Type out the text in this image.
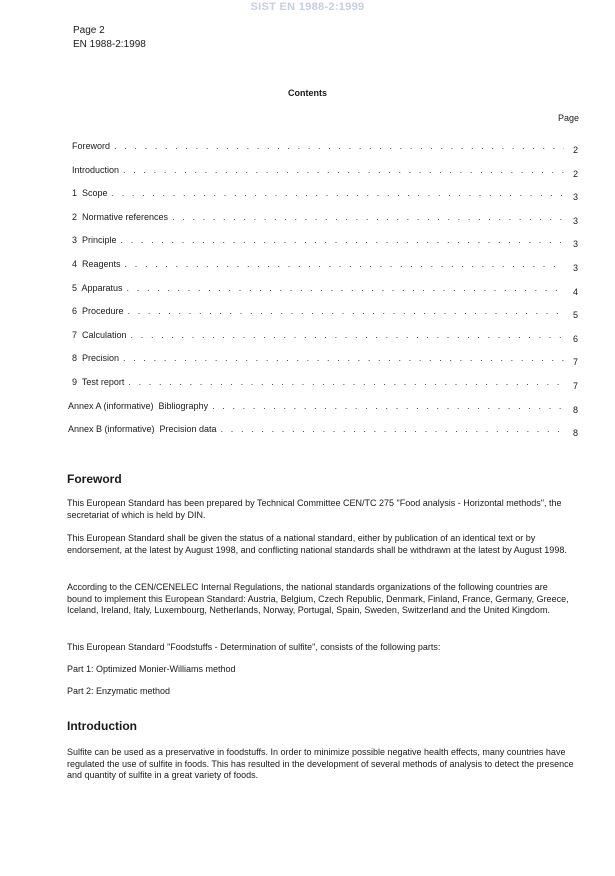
SIST EN 1988-2:1999
Page 2
EN 1988-2:1998
Contents
Page
Foreword . . .	2
Introduction . . .	2
1  Scope . . .	3
2  Normative references . . .	3
3  Principle . . .	3
4  Reagents . . .	3
5  Apparatus . . .	4
6  Procedure . . .	5
7  Calculation . . .	6
8  Precision . . .	7
9  Test report . . .	7
Annex A (informative)  Bibliography . . .	8
Annex B (informative)  Precision data . . .	8
Foreword
This European Standard has been prepared by Technical Committee CEN/TC 275 "Food analysis - Horizontal methods", the secretariat of which is held by DIN.
This European Standard shall be given the status of a national standard, either by publication of an identical text or by endorsement, at the latest by August 1998, and conflicting national standards shall be withdrawn at the latest by August 1998.
According to the CEN/CENELEC Internal Regulations, the national standards organizations of the following countries are bound to implement this European Standard: Austria, Belgium, Czech Republic, Denmark, Finland, France, Germany, Greece, Iceland, Ireland, Italy, Luxembourg, Netherlands, Norway, Portugal, Spain, Sweden, Switzerland and the United Kingdom.
This European Standard "Foodstuffs - Determination of sulfite", consists of the following parts:
Part 1: Optimized Monier-Williams method
Part 2: Enzymatic method
Introduction
Sulfite can be used as a preservative in foodstuffs. In order to minimize possible negative health effects, many countries have regulated the use of sulfite in foods. This has resulted in the development of several methods of analysis to detect the presence and quantity of sulfite in a great variety of foods.
